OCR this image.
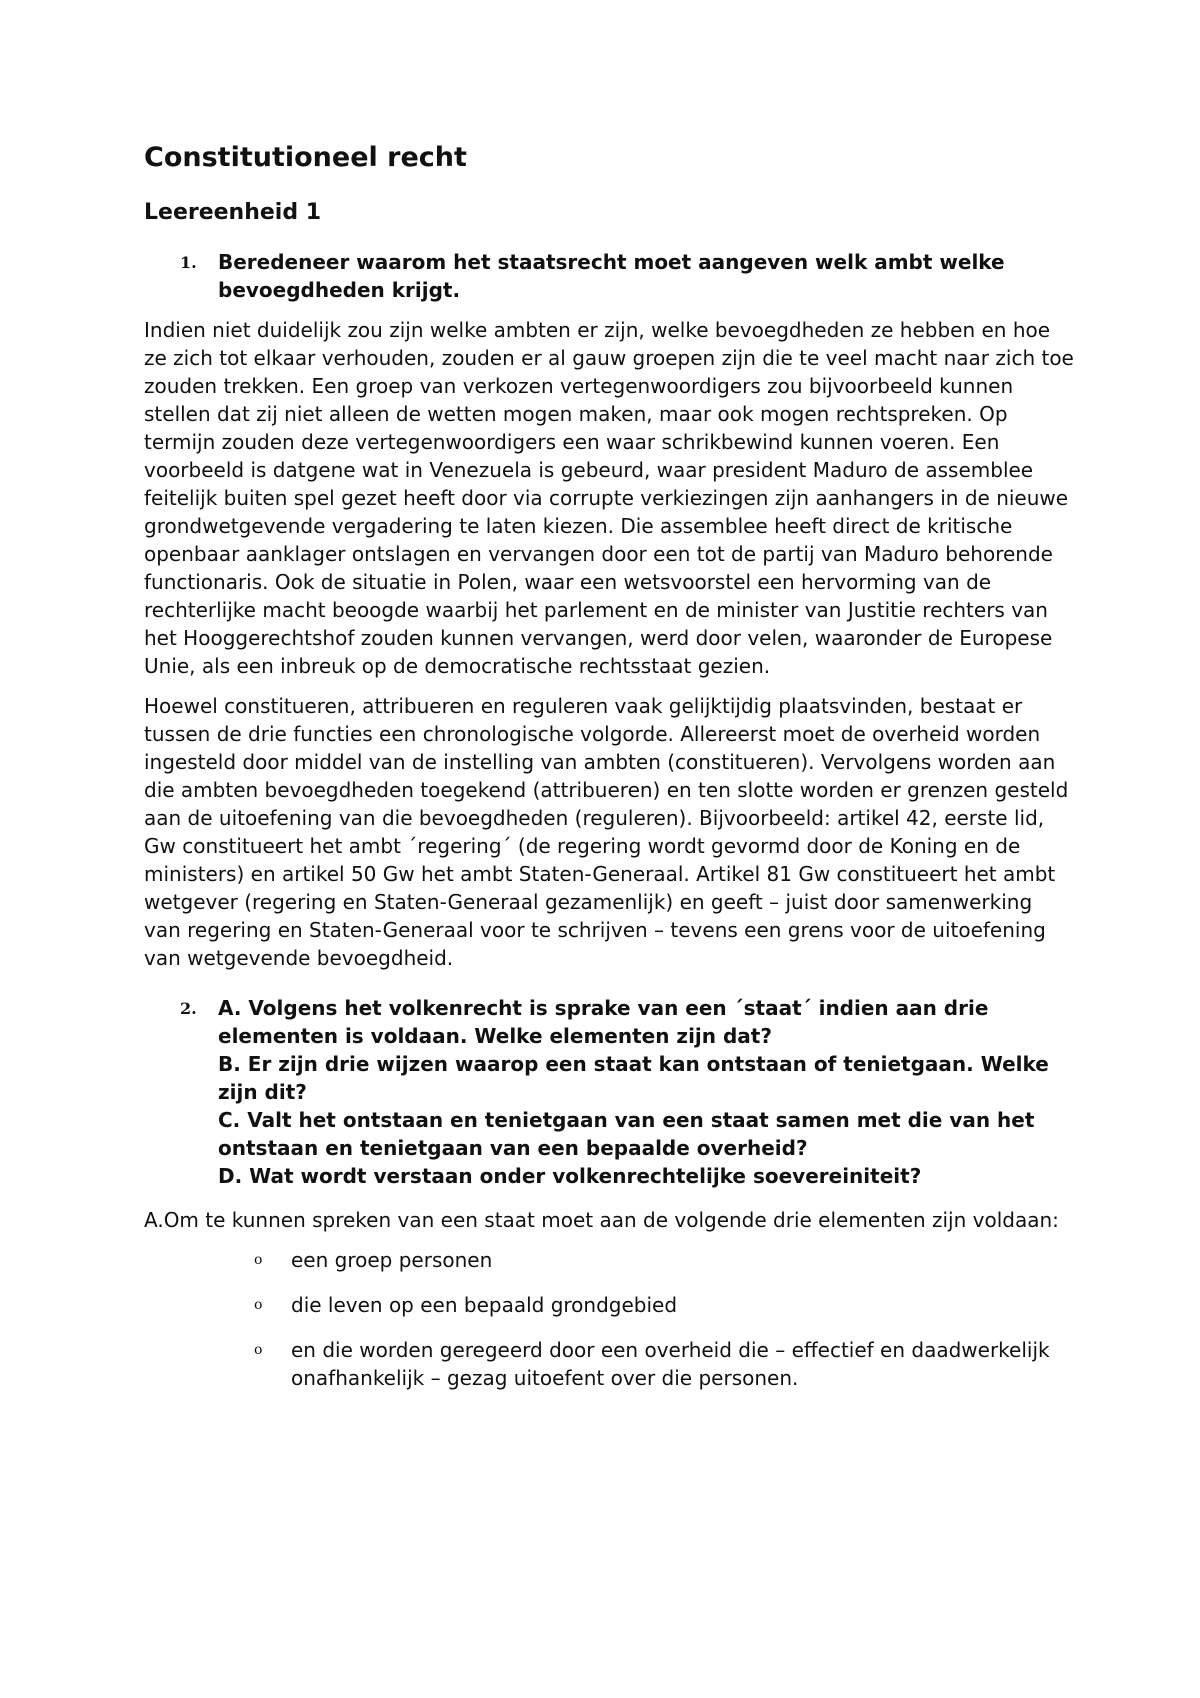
Constitutioneel recht
Leereenheid 1
1. Beredeneer waarom het staatsrecht moet aangeven welk ambt welke bevoegdheden krijgt.

Indien niet duidelijk zou zijn welke ambten er zijn, welke bevoegdheden ze hebben en hoe ze zich tot elkaar verhouden, zouden er al gauw groepen zijn die te veel macht naar zich toe zouden trekken. Een groep van verkozen vertegenwoordigers zou bijvoorbeeld kunnen stellen dat zij niet alleen de wetten mogen maken, maar ook mogen rechtspreken. Op termijn zouden deze vertegenwoordigers een waar schrikbewind kunnen voeren. Een voorbeeld is datgene wat in Venezuela is gebeurd, waar president Maduro de assemblee feitelijk buiten spel gezet heeft door via corrupte verkiezingen zijn aanhangers in de nieuwe grondwetgevende vergadering te laten kiezen. Die assemblee heeft direct de kritische openbaar aanklager ontslagen en vervangen door een tot de partij van Maduro behorende functionaris. Ook de situatie in Polen, waar een wetsvoorstel een hervorming van de rechterlijke macht beoogde waarbij het parlement en de minister van Justitie rechters van het Hooggerechtshof zouden kunnen vervangen, werd door velen, waaronder de Europese Unie, als een inbreuk op de democratische rechtsstaat gezien.

Hoewel constitueren, attribueren en reguleren vaak gelijktijdig plaatsvinden, bestaat er tussen de drie functies een chronologische volgorde. Allereerst moet de overheid worden ingesteld door middel van de instelling van ambten (constitueren). Vervolgens worden aan die ambten bevoegdheden toegekend (attribueren) en ten slotte worden er grenzen gesteld aan de uitoefening van die bevoegdheden (reguleren). Bijvoorbeeld: artikel 42, eerste lid, Gw constitueert het ambt ´regering´ (de regering wordt gevormd door de Koning en de ministers) en artikel 50 Gw het ambt Staten-Generaal. Artikel 81 Gw constitueert het ambt wetgever (regering en Staten-Generaal gezamenlijk) en geeft – juist door samenwerking van regering en Staten-Generaal voor te schrijven – tevens een grens voor de uitoefening van wetgevende bevoegdheid.

2. A. Volgens het volkenrecht is sprake van een ´staat´ indien aan drie elementen is voldaan. Welke elementen zijn dat?
B. Er zijn drie wijzen waarop een staat kan ontstaan of tenietgaan. Welke zijn dit?
C. Valt het ontstaan en tenietgaan van een staat samen met die van het ontstaan en tenietgaan van een bepaalde overheid?
D. Wat wordt verstaan onder volkenrechtelijke soevereiniteit?

A.Om te kunnen spreken van een staat moet aan de volgende drie elementen zijn voldaan:

o een groep personen
o die leven op een bepaald grondgebied
o en die worden geregeerd door een overheid die – effectief en daadwerkelijk onafhankelijk – gezag uitoefent over die personen.
